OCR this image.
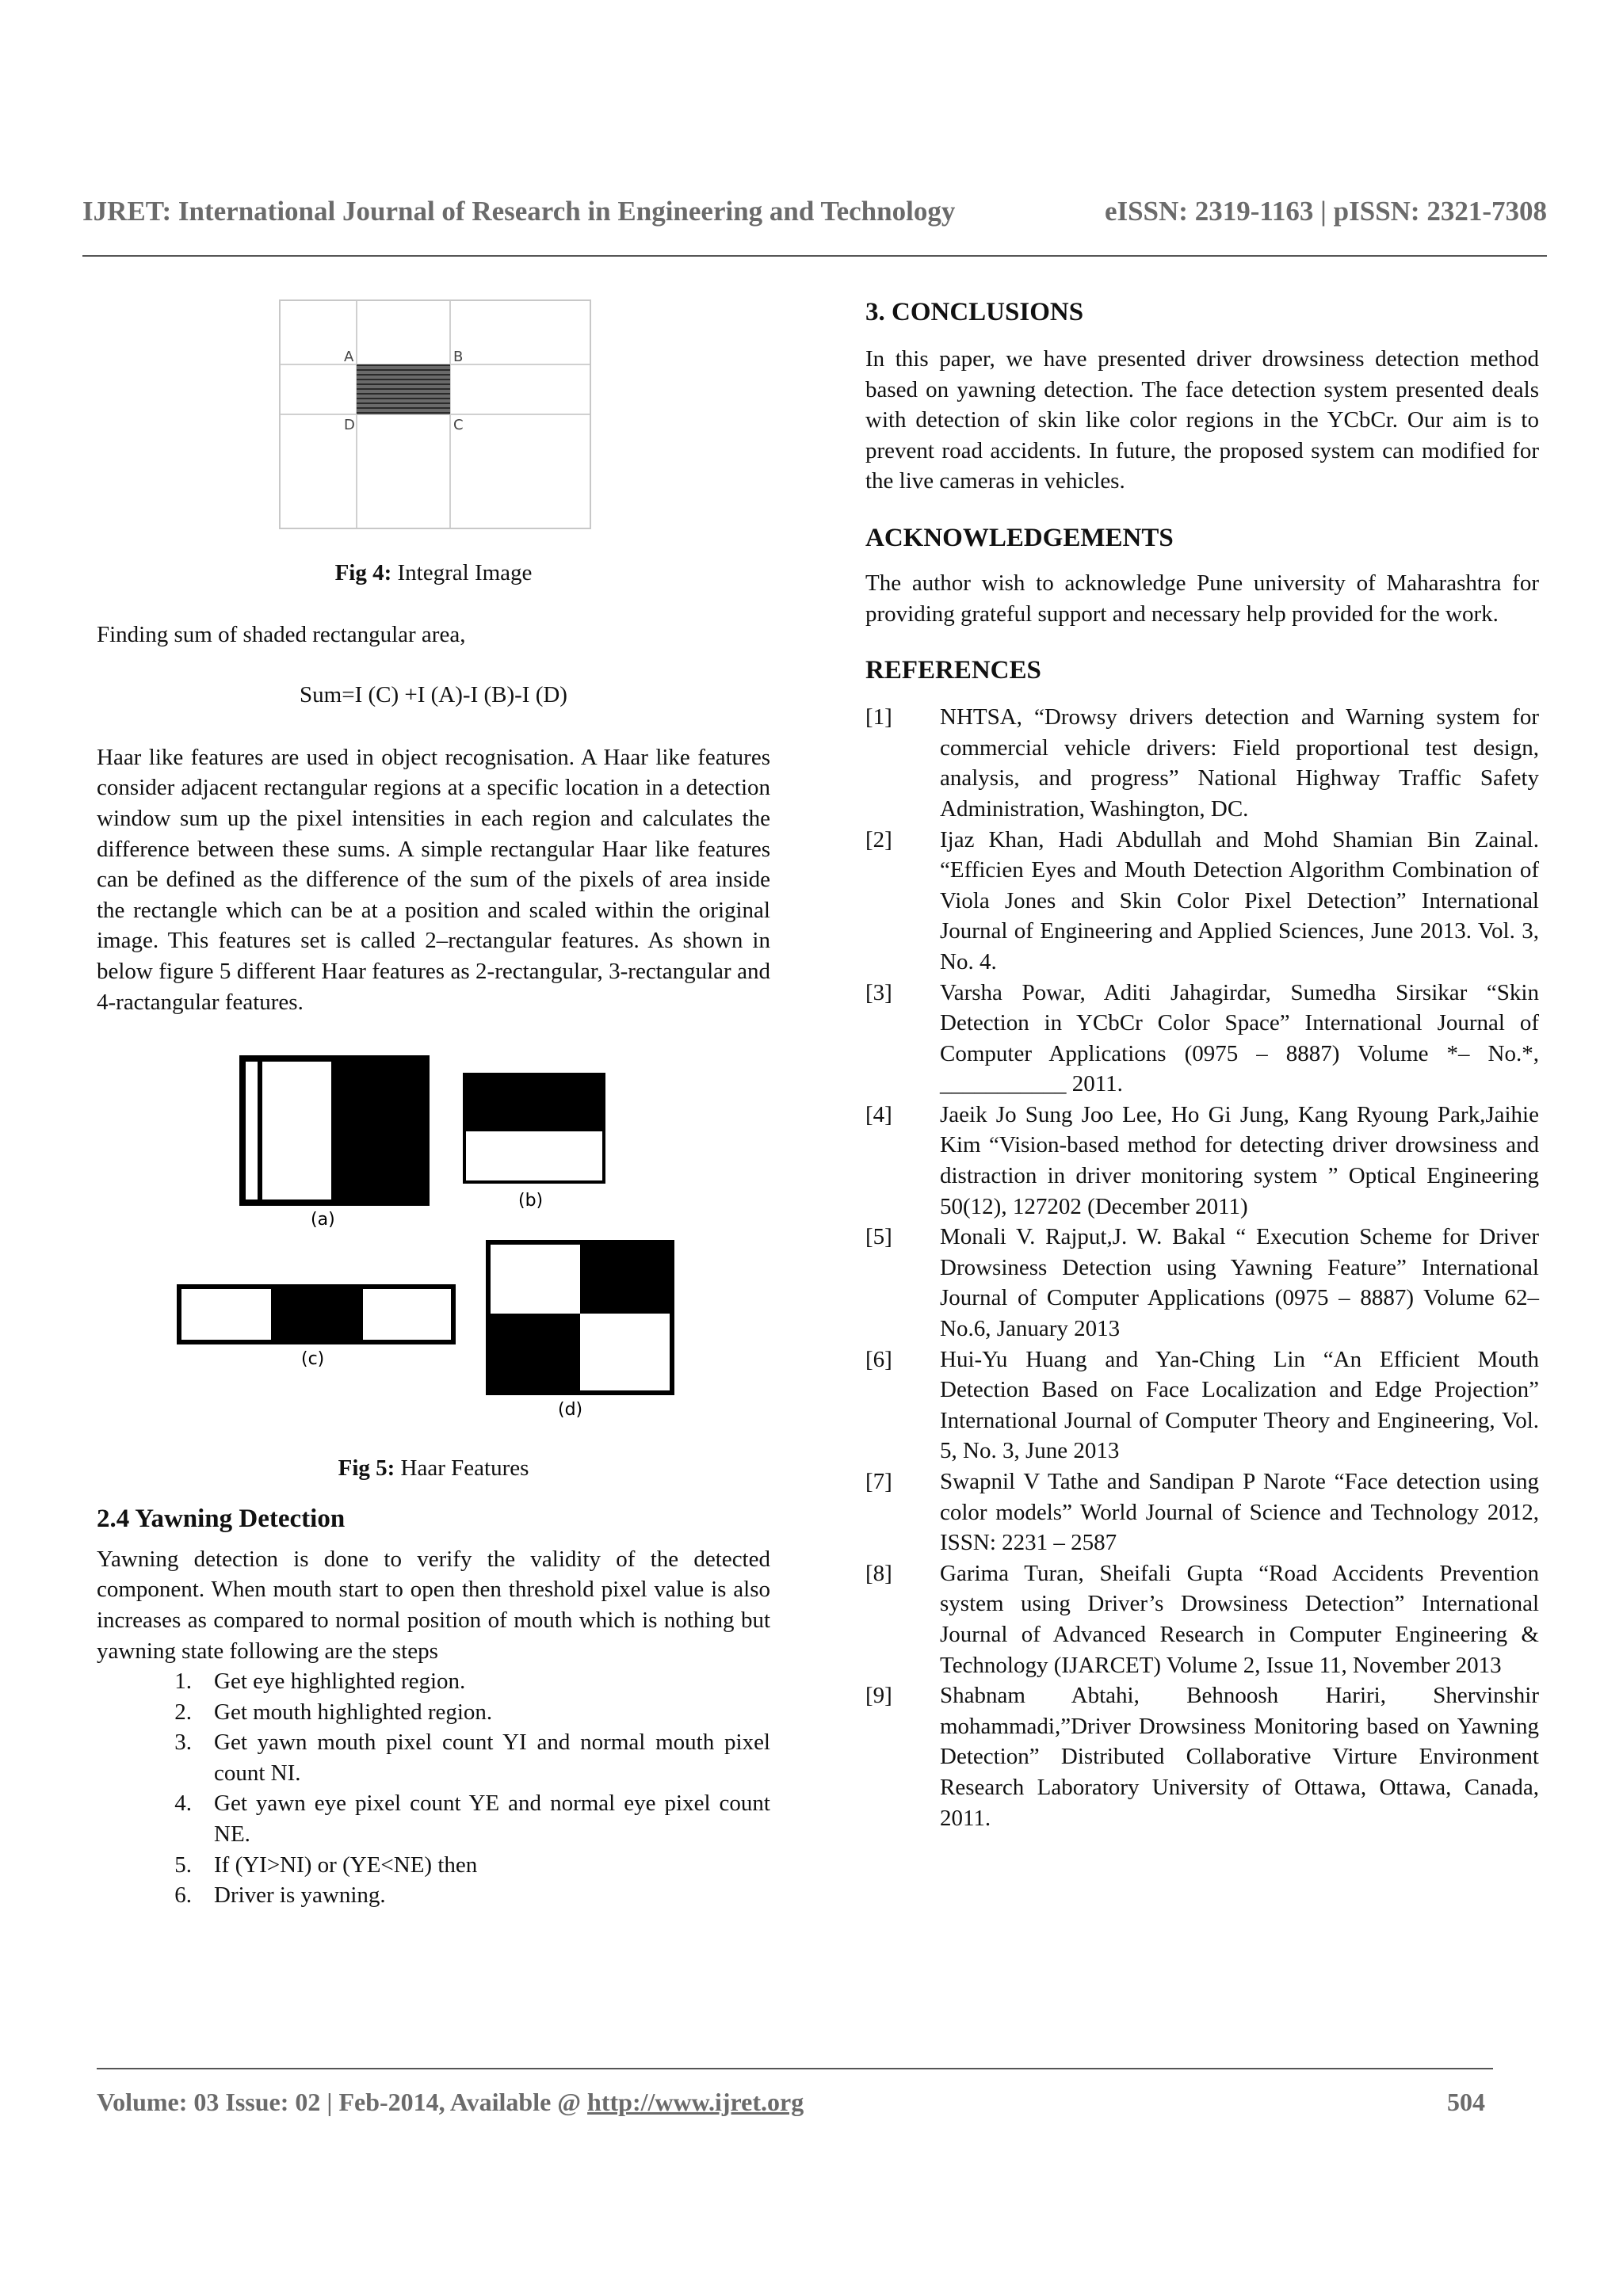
IJRET: International Journal of Research in Engineering and Technology	eISSN: 2319-1163 | pISSN: 2321-7308
A	B
C
D

Fig 4: Integral Image

Finding sum of shaded rectangular area,

Sum=I (C) +I (A)-I (B)-I (D)

Haar like features are used in object recognisation. A Haar like features consider adjacent rectangular regions at a specific location in a detection window sum up the pixel intensities in each region and calculates the difference between these sums. A simple rectangular Haar like features can be defined as the difference of the sum of the pixels of area inside the rectangle which can be at a position and scaled within the original image. This features set is called 2–rectangular features. As shown in below figure 5 different Haar features as 2-rectangular, 3-rectangular and 4-ractangular features.

(a)
(b)
(c)
(d)

Fig 5: Haar Features

2.4 Yawning Detection

Yawning detection is done to verify the validity of the detected component. When mouth start to open then threshold pixel value is also increases as compared to normal position of mouth which is nothing but yawning state following are the steps

1. Get eye highlighted region.
2. Get mouth highlighted region.
3. Get yawn mouth pixel count YI and normal mouth pixel count NI.
4. Get yawn eye pixel count YE and normal eye pixel count NE.
5. If (YI>NI) or (YE<NE) then
6. Driver is yawning.
3. CONCLUSIONS

In this paper, we have presented driver drowsiness detection method based on yawning detection. The face detection system presented deals with detection of skin like color regions in the YCbCr. Our aim is to prevent road accidents. In future, the proposed system can modified for the live cameras in vehicles.

ACKNOWLEDGEMENTS

The author wish to acknowledge Pune university of Maharashtra for providing grateful support and necessary help provided for the work.

REFERENCES
[1]	NHTSA, “Drowsy drivers detection and Warning system for commercial vehicle drivers: Field proportional test design, analysis, and progress” National Highway Traffic Safety Administration, Washington, DC.
[2]	Ijaz Khan, Hadi Abdullah and Mohd Shamian Bin Zainal. “Efficien Eyes and Mouth Detection Algorithm Combination of Viola Jones and Skin Color Pixel Detection” International Journal of Engineering and Applied Sciences, June 2013. Vol. 3, No. 4.
[3]	Varsha Powar, Aditi Jahagirdar, Sumedha Sirsikar “Skin Detection in YCbCr Color Space” International Journal of Computer Applications (0975 – 8887) Volume *– No.*, ___________ 2011.
[4]	Jaeik Jo Sung Joo Lee, Ho Gi Jung, Kang Ryoung Park,Jaihie Kim “Vision-based method for detecting driver drowsiness and distraction in driver monitoring system ” Optical Engineering 50(12), 127202 (December 2011)
[5]	Monali V. Rajput,J. W. Bakal “ Execution Scheme for Driver Drowsiness Detection using Yawning Feature” International Journal of Computer Applications (0975 – 8887) Volume 62– No.6, January 2013
[6]	Hui-Yu Huang and Yan-Ching Lin “An Efficient Mouth Detection Based on Face Localization and Edge Projection” International Journal of Computer Theory and Engineering, Vol. 5, No. 3, June 2013
[7]	Swapnil V Tathe and Sandipan P Narote “Face detection using color models” World Journal of Science and Technology 2012, ISSN: 2231 – 2587
[8]	Garima Turan, Sheifali Gupta “Road Accidents Prevention system using Driver’s Drowsiness Detection” International Journal of Advanced Research in Computer Engineering & Technology (IJARCET) Volume 2, Issue 11, November 2013
[9]	Shabnam Abtahi, Behnoosh Hariri, Shervinshir mohammadi,”Driver Drowsiness Monitoring based on Yawning Detection” Distributed Collaborative Virture Environment Research Laboratory University of Ottawa, Ottawa, Canada, 2011.
Volume: 03 Issue: 02 | Feb-2014, Available @ http://www.ijret.org	504
